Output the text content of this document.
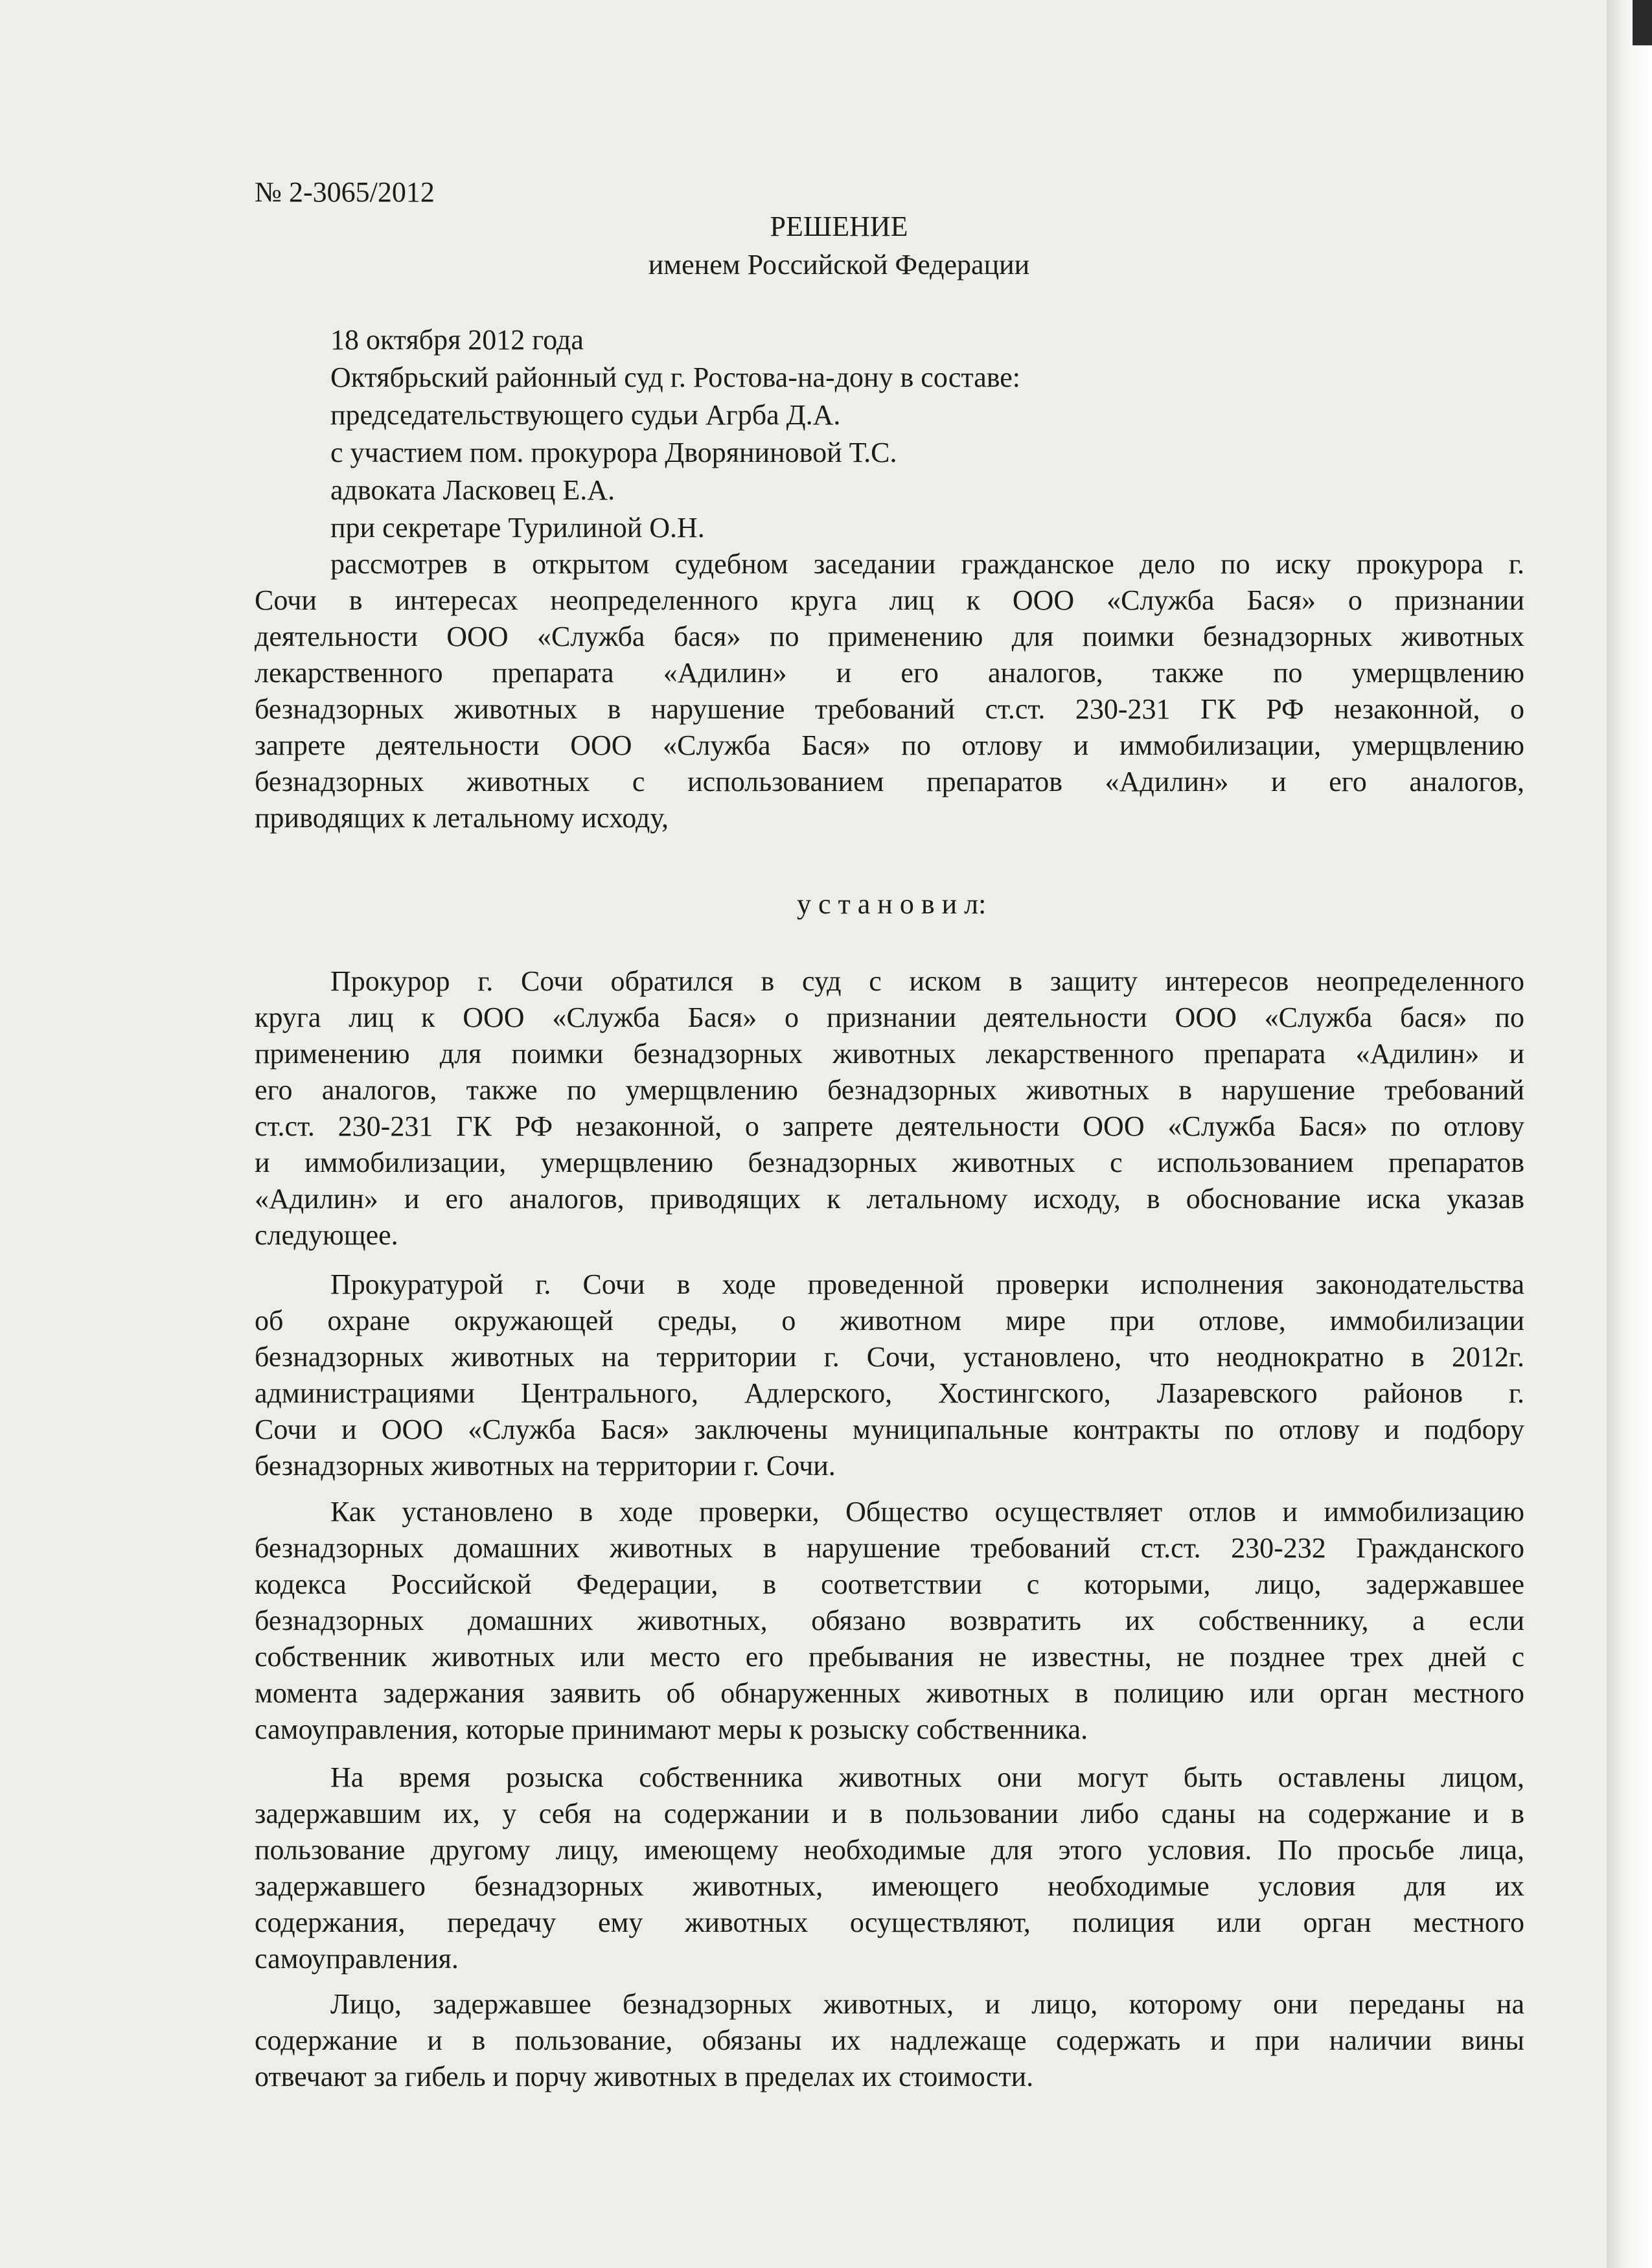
№ 2-3065/2012
РЕШЕНИЕ
именем Российской Федерации
18 октября 2012 года
Октябрьский районный суд г. Ростова-на-дону в составе:
председательствующего судьи Агрба Д.А.
с участием пом. прокурора Дворяниновой Т.С.
адвоката Ласковец Е.А.
при секретаре Турилиной О.Н.
рассмотрев в открытом судебном заседании гражданское дело по иску прокурора г.
Сочи в интересах неопределенного круга лиц к ООО «Служба Бася» о признании
деятельности ООО «Служба бася» по применению для поимки безнадзорных животных
лекарственного препарата «Адилин» и его аналогов, также по умерщвлению
безнадзорных животных в нарушение требований ст.ст. 230-231 ГК РФ незаконной, о
запрете деятельности ООО «Служба Бася» по отлову и иммобилизации, умерщвлению
безнадзорных животных с использованием препаратов «Адилин» и его аналогов,
приводящих к летальному исходу,
у с т а н о в и л:
Прокурор г. Сочи обратился в суд с иском в защиту интересов неопределенного
круга лиц к ООО «Служба Бася» о признании деятельности ООО «Служба бася» по
применению для поимки безнадзорных животных лекарственного препарата «Адилин» и
его аналогов, также по умерщвлению безнадзорных животных в нарушение требований
ст.ст. 230-231 ГК РФ незаконной, о запрете деятельности ООО «Служба Бася» по отлову
и иммобилизации, умерщвлению безнадзорных животных с использованием препаратов
«Адилин» и его аналогов, приводящих к летальному исходу, в обоснование иска указав
следующее.
Прокуратурой г. Сочи в ходе проведенной проверки исполнения законодательства
об охране окружающей среды, о животном мире при отлове, иммобилизации
безнадзорных животных на территории г. Сочи, установлено, что неоднократно в 2012г.
администрациями Центрального, Адлерского, Хостингского, Лазаревского районов г.
Сочи и ООО «Служба Бася» заключены муниципальные контракты по отлову и подбору
безнадзорных животных на территории г. Сочи.
Как установлено в ходе проверки, Общество осуществляет отлов и иммобилизацию
безнадзорных домашних животных в нарушение требований ст.ст. 230-232 Гражданского
кодекса Российской Федерации, в соответствии с которыми, лицо, задержавшее
безнадзорных домашних животных, обязано возвратить их собственнику, а если
собственник животных или место его пребывания не известны, не позднее трех дней с
момента задержания заявить об обнаруженных животных в полицию или орган местного
самоуправления, которые принимают меры к розыску собственника.
На время розыска собственника животных они могут быть оставлены лицом,
задержавшим их, у себя на содержании и в пользовании либо сданы на содержание и в
пользование другому лицу, имеющему необходимые для этого условия. По просьбе лица,
задержавшего безнадзорных животных, имеющего необходимые условия для их
содержания, передачу ему животных осуществляют, полиция или орган местного
самоуправления.
Лицо, задержавшее безнадзорных животных, и лицо, которому они переданы на
содержание и в пользование, обязаны их надлежаще содержать и при наличии вины
отвечают за гибель и порчу животных в пределах их стоимости.
